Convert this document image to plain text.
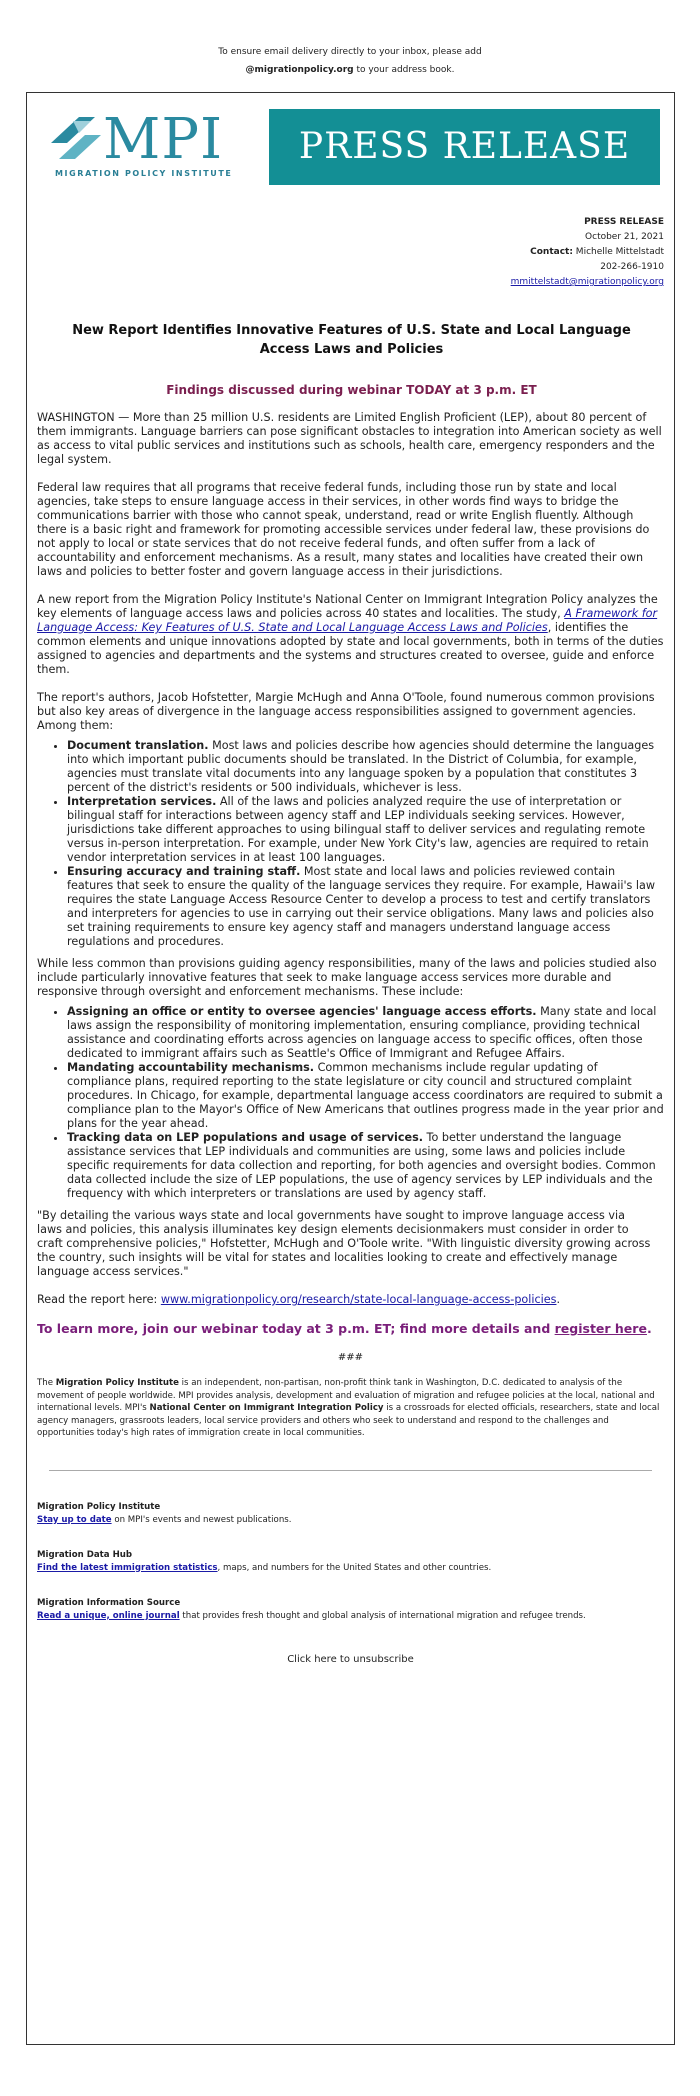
To ensure email delivery directly to your inbox, please add
@migrationpolicy.org to your address book.
MPI
MIGRATION POLICY INSTITUTE
PRESS RELEASE
PRESS RELEASE
October 21, 2021
Contact: Michelle Mittelstadt
202-266-1910
mmittelstadt@migrationpolicy.org
New Report Identifies Innovative Features of U.S. State and Local Language Access Laws and Policies
Findings discussed during webinar TODAY at 3 p.m. ET

WASHINGTON — More than 25 million U.S. residents are Limited English Proficient (LEP), about 80 percent of them immigrants. Language barriers can pose significant obstacles to integration into American society as well as access to vital public services and institutions such as schools, health care, emergency responders and the legal system.

Federal law requires that all programs that receive federal funds, including those run by state and local agencies, take steps to ensure language access in their services, in other words find ways to bridge the communications barrier with those who cannot speak, understand, read or write English fluently. Although there is a basic right and framework for promoting accessible services under federal law, these provisions do not apply to local or state services that do not receive federal funds, and often suffer from a lack of accountability and enforcement mechanisms. As a result, many states and localities have created their own laws and policies to better foster and govern language access in their jurisdictions.

A new report from the Migration Policy Institute's National Center on Immigrant Integration Policy analyzes the key elements of language access laws and policies across 40 states and localities. The study, A Framework for Language Access: Key Features of U.S. State and Local Language Access Laws and Policies, identifies the common elements and unique innovations adopted by state and local governments, both in terms of the duties assigned to agencies and departments and the systems and structures created to oversee, guide and enforce them.

The report's authors, Jacob Hofstetter, Margie McHugh and Anna O'Toole, found numerous common provisions but also key areas of divergence in the language access responsibilities assigned to government agencies. Among them:

• Document translation. Most laws and policies describe how agencies should determine the languages into which important public documents should be translated. In the District of Columbia, for example, agencies must translate vital documents into any language spoken by a population that constitutes 3 percent of the district's residents or 500 individuals, whichever is less.
• Interpretation services. All of the laws and policies analyzed require the use of interpretation or bilingual staff for interactions between agency staff and LEP individuals seeking services. However, jurisdictions take different approaches to using bilingual staff to deliver services and regulating remote versus in-person interpretation. For example, under New York City's law, agencies are required to retain vendor interpretation services in at least 100 languages.
• Ensuring accuracy and training staff. Most state and local laws and policies reviewed contain features that seek to ensure the quality of the language services they require. For example, Hawaii's law requires the state Language Access Resource Center to develop a process to test and certify translators and interpreters for agencies to use in carrying out their service obligations. Many laws and policies also set training requirements to ensure key agency staff and managers understand language access regulations and procedures.

While less common than provisions guiding agency responsibilities, many of the laws and policies studied also include particularly innovative features that seek to make language access services more durable and responsive through oversight and enforcement mechanisms. These include:

• Assigning an office or entity to oversee agencies' language access efforts. Many state and local laws assign the responsibility of monitoring implementation, ensuring compliance, providing technical assistance and coordinating efforts across agencies on language access to specific offices, often those dedicated to immigrant affairs such as Seattle's Office of Immigrant and Refugee Affairs.
• Mandating accountability mechanisms. Common mechanisms include regular updating of compliance plans, required reporting to the state legislature or city council and structured complaint procedures. In Chicago, for example, departmental language access coordinators are required to submit a compliance plan to the Mayor's Office of New Americans that outlines progress made in the year prior and plans for the year ahead.
• Tracking data on LEP populations and usage of services. To better understand the language assistance services that LEP individuals and communities are using, some laws and policies include specific requirements for data collection and reporting, for both agencies and oversight bodies. Common data collected include the size of LEP populations, the use of agency services by LEP individuals and the frequency with which interpreters or translations are used by agency staff.

"By detailing the various ways state and local governments have sought to improve language access via
laws and policies, this analysis illuminates key design elements decisionmakers must consider in order to
craft comprehensive policies," Hofstetter, McHugh and O'Toole write. "With linguistic diversity growing across the country, such insights will be vital for states and localities looking to create and effectively manage language access services."

Read the report here: www.migrationpolicy.org/research/state-local-language-access-policies.

To learn more, join our webinar today at 3 p.m. ET; find more details and register here.
###
The Migration Policy Institute is an independent, non-partisan, non-profit think tank in Washington, D.C. dedicated to analysis of the movement of people worldwide. MPI provides analysis, development and evaluation of migration and refugee policies at the local, national and international levels. MPI's National Center on Immigrant Integration Policy is a crossroads for elected officials, researchers, state and local agency managers, grassroots leaders, local service providers and others who seek to understand and respond to the challenges and opportunities today's high rates of immigration create in local communities.
Migration Policy Institute
Stay up to date on MPI's events and newest publications.
Migration Data Hub
Find the latest immigration statistics, maps, and numbers for the United States and other countries.
Migration Information Source
Read a unique, online journal that provides fresh thought and global analysis of international migration and refugee trends.
Click here to unsubscribe
